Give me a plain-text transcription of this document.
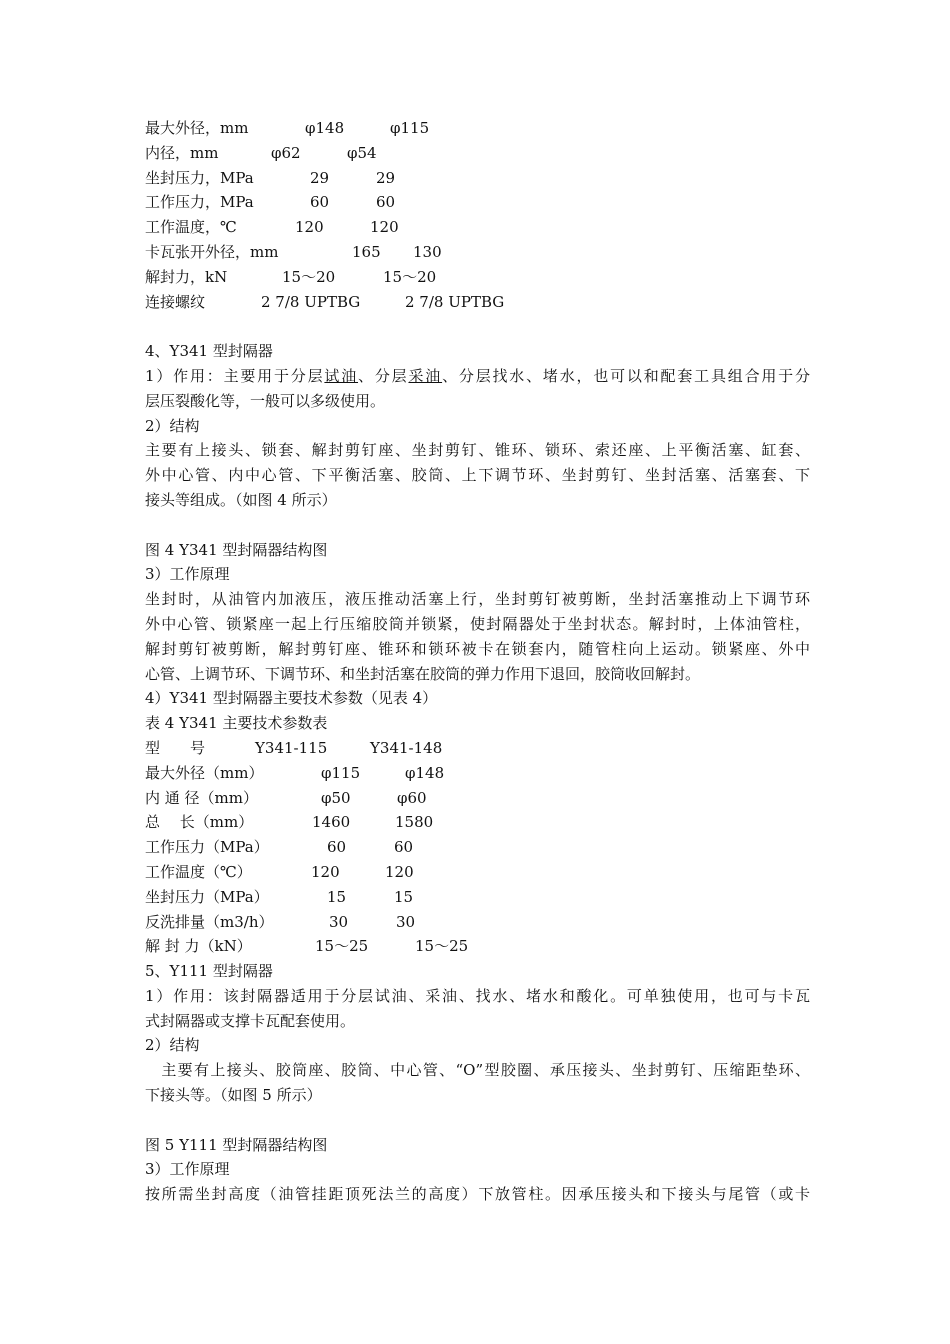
最大外径，mm	φ148	φ115
内径，mm	φ62	φ54
坐封压力，MPa	29	29
工作压力，MPa	60	60
工作温度，℃	120	120
卡瓦张开外径，mm	165 130
解封力，kN	15～20	15～20
连接螺纹	2 7/8 UPTBG	2 7/8 UPTBG
4、Y341 型封隔器
1）作用：主要用于分层试油、分层采油、分层找水、堵水，也可以和配套工具组合用于分
层压裂酸化等，一般可以多级使用。
2）结构
主要有上接头、锁套、解封剪钉座、坐封剪钉、锥环、锁环、索还座、上平衡活塞、缸套、
外中心管、内中心管、下平衡活塞、胶筒、上下调节环、坐封剪钉、坐封活塞、活塞套、下
接头等组成。（如图 4 所示）
图 4 Y341 型封隔器结构图
3）工作原理
坐封时，从油管内加液压，液压推动活塞上行，坐封剪钉被剪断，坐封活塞推动上下调节环
外中心管、锁紧座一起上行压缩胶筒并锁紧，使封隔器处于坐封状态。解封时，上体油管柱，
解封剪钉被剪断，解封剪钉座、锥环和锁环被卡在锁套内，随管柱向上运动。锁紧座、外中
心管、上调节环、下调节环、和坐封活塞在胶筒的弹力作用下退回，胶筒收回解封。
4）Y341 型封隔器主要技术参数（见表 4）
表 4 Y341 主要技术参数表
型　　号	Y341-115	Y341-148
最大外径（mm）	φ115	φ148
内 通 径（mm）	φ50	φ60
总　 长（mm）	1460	1580
工作压力（MPa）	60	60
工作温度（℃）	120	120
坐封压力（MPa）	15	15
反洗排量（m3/h）	30	30
解 封 力（kN）	15～25	15～25
5、Y111 型封隔器
1）作用：该封隔器适用于分层试油、采油、找水、堵水和酸化。可单独使用，也可与卡瓦
式封隔器或支撑卡瓦配套使用。
2）结构
　主要有上接头、胶筒座、胶筒、中心管、“O”型胶圈、承压接头、坐封剪钉、压缩距垫环、
下接头等。（如图 5 所示）
图 5 Y111 型封隔器结构图
3）工作原理
按所需坐封高度（油管挂距顶死法兰的高度）下放管柱。因承压接头和下接头与尾管（或卡
